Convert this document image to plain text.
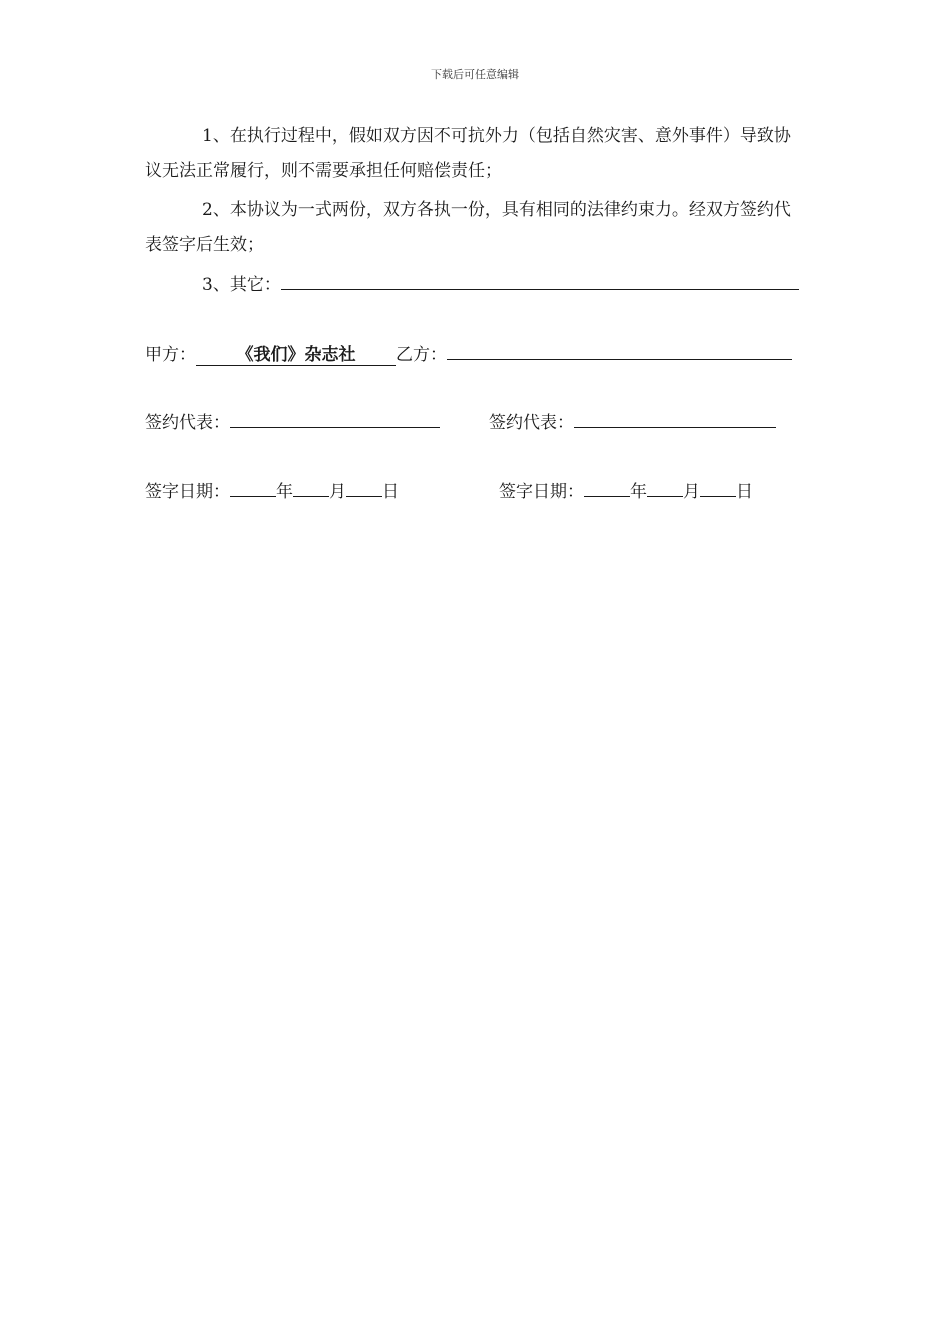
下载后可任意编辑
1、在执行过程中，假如双方因不可抗外力（包括自然灾害、意外事件）导致协议无法正常履行，则不需要承担任何赔偿责任；
2、本协议为一式两份，双方各执一份，具有相同的法律约束力。经双方签约代表签字后生效；
3、其它：
甲方： 《我们》杂志社 乙方：
签约代表：	签约代表：
签字日期：	年 月 日	签字日期：	年 月 日
